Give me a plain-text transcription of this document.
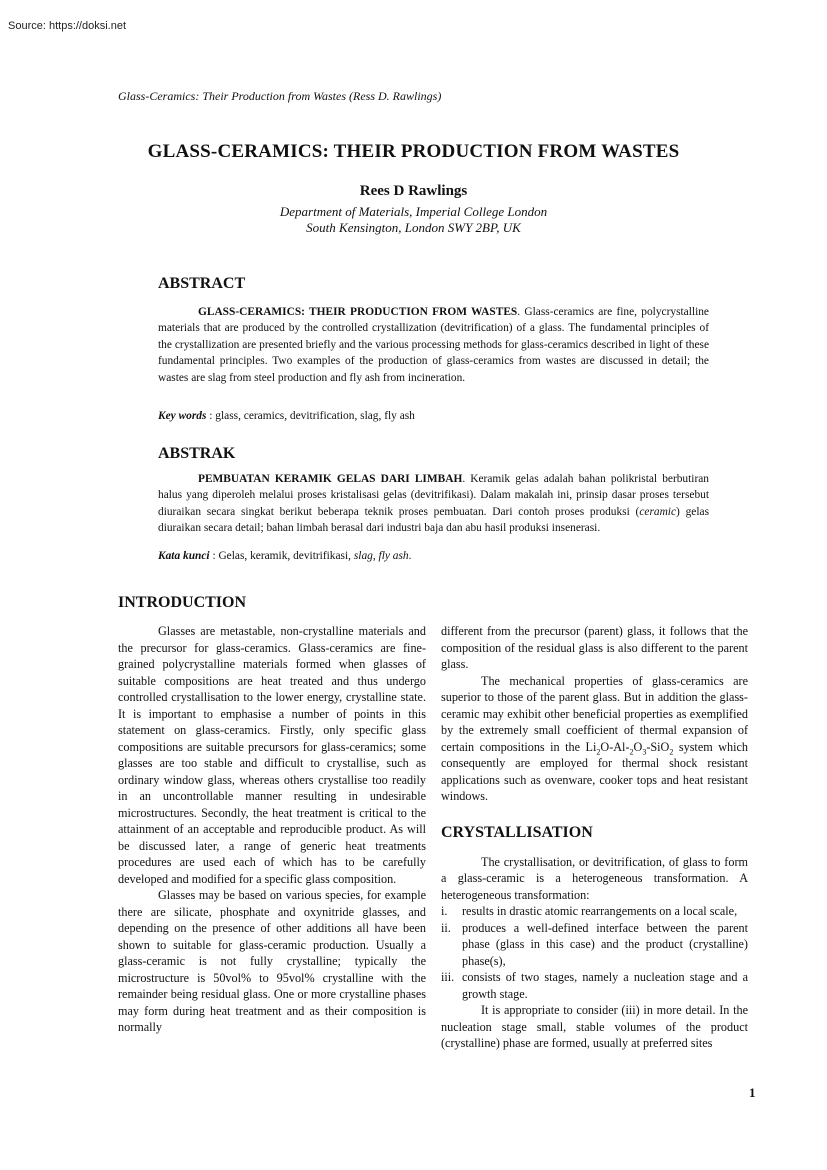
Source: https://doksi.net
Glass-Ceramics: Their Production from Wastes (Ress D. Rawlings)
GLASS-CERAMICS: THEIR PRODUCTION FROM WASTES
Rees D Rawlings
Department of Materials, Imperial College London
South Kensington, London SWY 2BP, UK
ABSTRACT

GLASS-CERAMICS: THEIR PRODUCTION FROM WASTES. Glass-ceramics are fine, polycrystalline materials that are produced by the controlled crystallization (devitrification) of a glass. The fundamental principles of the crystallization are presented briefly and the various processing methods for glass-ceramics described in light of these fundamental principles. Two examples of the production of glass-ceramics from wastes are discussed in detail; the wastes are slag from steel production and fly ash from incineration.

Key words : glass, ceramics, devitrification, slag, fly ash
ABSTRAK

PEMBUATAN KERAMIK GELAS DARI LIMBAH. Keramik gelas adalah bahan polikristal berbutiran halus yang diperoleh melalui proses kristalisasi gelas (devitrifikasi). Dalam makalah ini, prinsip dasar proses tersebut diuraikan secara singkat berikut beberapa teknik proses pembuatan. Dari contoh proses produksi (ceramic) gelas diuraikan secara detail; bahan limbah berasal dari industri baja dan abu hasil produksi insenerasi.

Kata kunci : Gelas, keramik, devitrifikasi, slag, fly ash.
INTRODUCTION

Glasses are metastable, non-crystalline materials and the precursor for glass-ceramics. Glass-ceramics are fine-grained polycrystalline materials formed when glasses of suitable compositions are heat treated and thus undergo controlled crystallisation to the lower energy, crystalline state. It is important to emphasise a number of points in this statement on glass-ceramics. Firstly, only specific glass compositions are suitable precursors for glass-ceramics; some glasses are too stable and difficult to crystallise, such as ordinary window glass, whereas others crystallise too readily in an uncontrollable manner resulting in undesirable microstructures. Secondly, the heat treatment is critical to the attainment of an acceptable and reproducible product. As will be discussed later, a range of generic heat treatments procedures are used each of which has to be carefully developed and modified for a specific glass composition.

Glasses may be based on various species, for example there are silicate, phosphate and oxynitride glasses, and depending on the presence of other additions all have been shown to suitable for glass-ceramic production. Usually a glass-ceramic is not fully crystalline; typically the microstructure is 50vol% to 95vol% crystalline with the remainder being residual glass. One or more crystalline phases may form during heat treatment and as their composition is normally

different from the precursor (parent) glass, it follows that the composition of the residual glass is also different to the parent glass.

The mechanical properties of glass-ceramics are superior to those of the parent glass. But in addition the glass-ceramic may exhibit other beneficial properties as exemplified by the extremely small coefficient of thermal expansion of certain compositions in the $Li_2O-Al-_2O_3-SiO_2$ system which consequently are employed for thermal shock resistant applications such as ovenware, cooker tops and heat resistant windows.

CRYSTALLISATION

The crystallisation, or devitrification, of glass to form a glass-ceramic is a heterogeneous transformation. A heterogeneous transformation:

i. results in drastic atomic rearrangements on a local scale,
ii. produces a well-defined interface between the parent phase (glass in this case) and the product (crystalline) phase(s),
iii. consists of two stages, namely a nucleation stage and a growth stage.

It is appropriate to consider (iii) in more detail. In the nucleation stage small, stable volumes of the product (crystalline) phase are formed, usually at preferred sites

1
